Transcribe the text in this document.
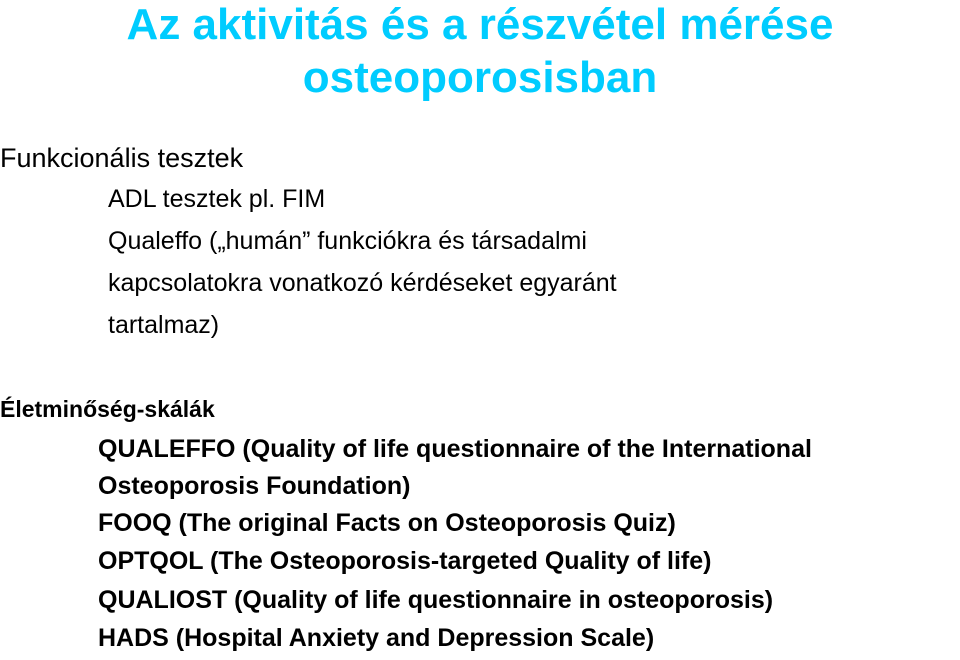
Az aktivitás és a részvétel mérése
osteoporosisban
Funkcionális tesztek
ADL tesztek pl. FIM
Qualeffo („humán” funkciókra és társadalmi
kapcsolatokra vonatkozó kérdéseket egyaránt
tartalmaz)
Életminőség-skálák
QUALEFFO (Quality of life questionnaire of the International
Osteoporosis Foundation)
FOOQ (The original Facts on Osteoporosis Quiz)
OPTQOL (The Osteoporosis-targeted Quality of life)
QUALIOST (Quality of life questionnaire in osteoporosis)
HADS (Hospital Anxiety and Depression Scale)
